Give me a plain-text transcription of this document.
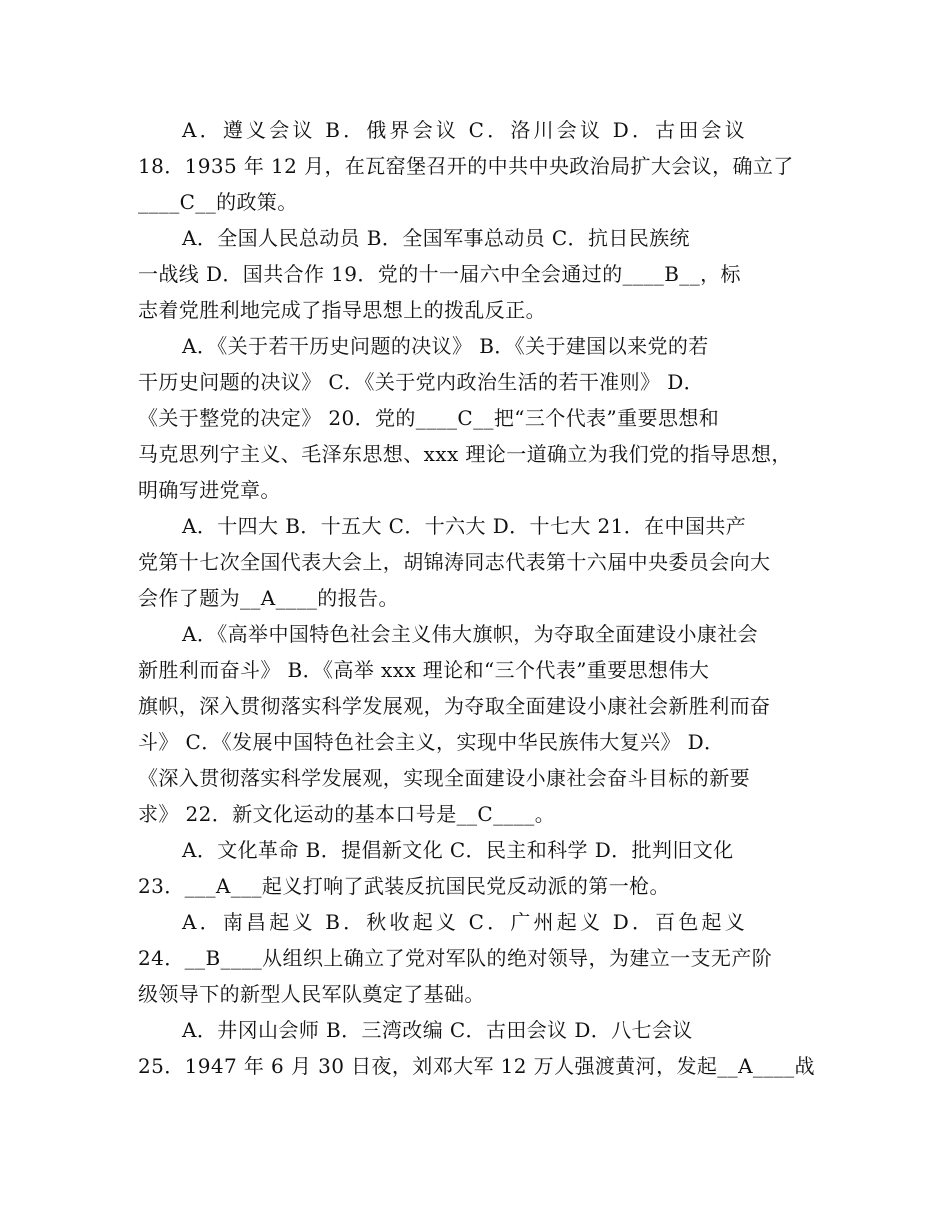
A．遵义会议 B．俄界会议 C．洛川会议 D．古田会议
18．1935 年 12 月，在瓦窑堡召开的中共中央政治局扩大会议，确立了
____C__的政策。
A．全国人民总动员 B．全国军事总动员 C．抗日民族统
一战线 D．国共合作 19．党的十一届六中全会通过的____B__，标
志着党胜利地完成了指导思想上的拨乱反正。
A．《关于若干历史问题的决议》 B．《关于建国以来党的若
干历史问题的决议》 C．《关于党内政治生活的若干准则》 D．
《关于整党的决定》 20．党的____C__把“三个代表”重要思想和
马克思列宁主义、毛泽东思想、xxx 理论一道确立为我们党的指导思想，
明确写进党章。
A．十四大 B．十五大 C．十六大 D．十七大 21．在中国共产
党第十七次全国代表大会上，胡锦涛同志代表第十六届中央委员会向大
会作了题为__A____的报告。
A．《高举中国特色社会主义伟大旗帜，为夺取全面建设小康社会
新胜利而奋斗》 B．《高举 xxx 理论和“三个代表”重要思想伟大
旗帜，深入贯彻落实科学发展观，为夺取全面建设小康社会新胜利而奋
斗》 C．《发展中国特色社会主义，实现中华民族伟大复兴》 D．
《深入贯彻落实科学发展观，实现全面建设小康社会奋斗目标的新要
求》 22．新文化运动的基本口号是__C____。
A．文化革命 B．提倡新文化 C．民主和科学 D．批判旧文化
23．___A___起义打响了武装反抗国民党反动派的第一枪。
A．南昌起义 B．秋收起义 C．广州起义 D．百色起义
24．__B____从组织上确立了党对军队的绝对领导，为建立一支无产阶
级领导下的新型人民军队奠定了基础。
A．井冈山会师 B．三湾改编 C．古田会议 D．八七会议
25．1947 年 6 月 30 日夜，刘邓大军 12 万人强渡黄河，发起__A____战
